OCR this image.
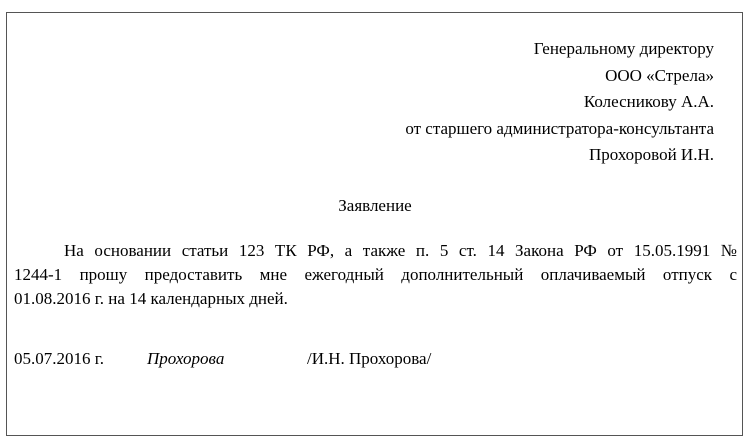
Генеральному директору
ООО «Стрела»
Колесникову А.А.
от старшего администратора-консультанта
Прохоровой И.Н.
Заявление
На основании статьи 123 ТК РФ, а также п. 5 ст. 14 Закона РФ от 15.05.1991 №
1244-1 прошу предоставить мне ежегодный дополнительный оплачиваемый отпуск с
01.08.2016 г. на 14 календарных дней.
05.07.2016 г.	Прохорова	/И.Н. Прохорова/
